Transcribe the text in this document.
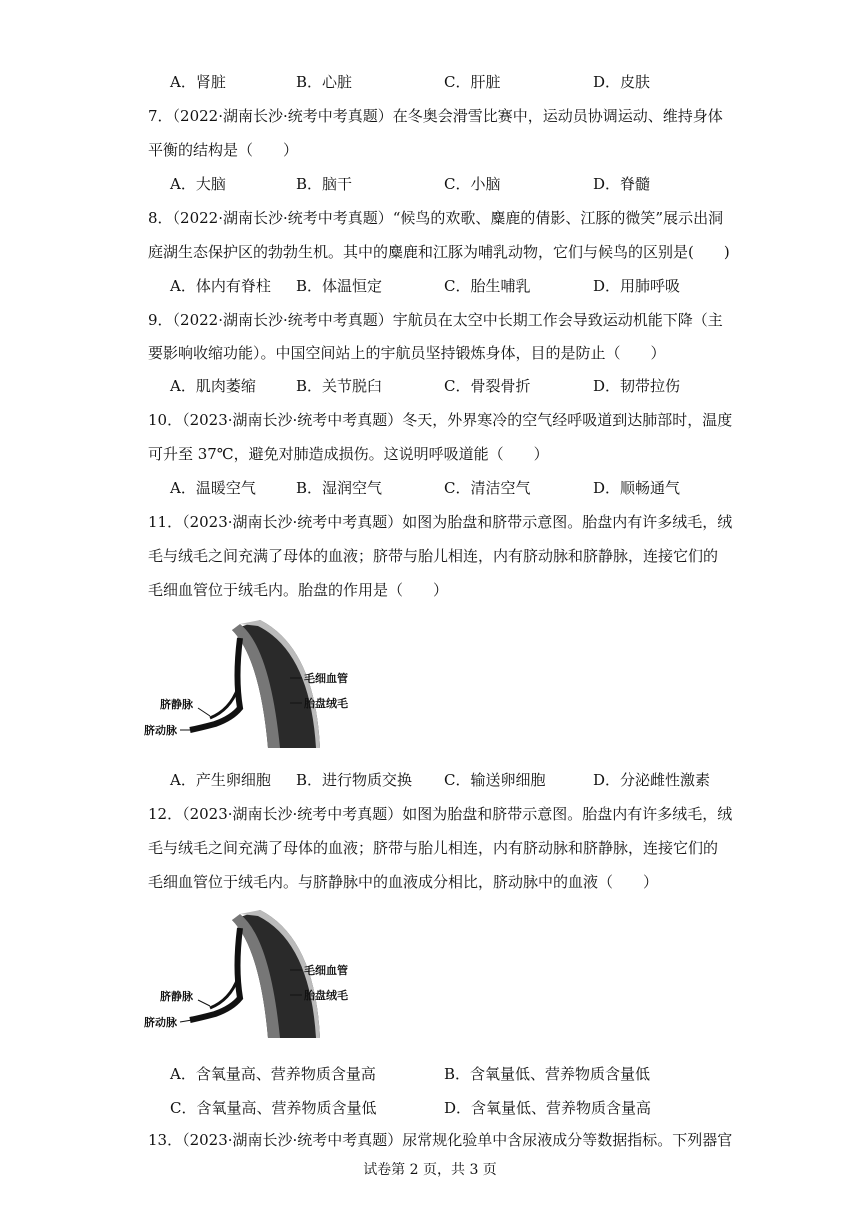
A．肾脏	B．心脏	C．肝脏	D．皮肤
7．（2022·湖南长沙·统考中考真题）在冬奥会滑雪比赛中，运动员协调运动、维持身体
平衡的结构是（　　）
A．大脑	B．脑干	C．小脑	D．脊髓
8．（2022·湖南长沙·统考中考真题）“候鸟的欢歌、麋鹿的倩影、江豚的微笑”展示出洞
庭湖生态保护区的勃勃生机。其中的麋鹿和江豚为哺乳动物，它们与候鸟的区别是(　　)
A．体内有脊柱 B．体温恒定	C．胎生哺乳	D．用肺呼吸
9．（2022·湖南长沙·统考中考真题）宇航员在太空中长期工作会导致运动机能下降（主
要影响收缩功能）。中国空间站上的宇航员坚持锻炼身体，目的是防止（　　）
A．肌肉萎缩	B．关节脱臼	C．骨裂骨折	D．韧带拉伤
10．（2023·湖南长沙·统考中考真题）冬天，外界寒冷的空气经呼吸道到达肺部时，温度
可升至 37℃，避免对肺造成损伤。这说明呼吸道能（　　）
A．温暖空气	B．湿润空气	C．清洁空气	D．顺畅通气
11．（2023·湖南长沙·统考中考真题）如图为胎盘和脐带示意图。胎盘内有许多绒毛，绒
毛与绒毛之间充满了母体的血液；脐带与胎儿相连，内有脐动脉和脐静脉，连接它们的
毛细血管位于绒毛内。胎盘的作用是（　　）
毛细血管
胎盘绒毛
脐静脉
脐动脉
A．产生卵细胞 B．进行物质交换 C．输送卵细胞	D．分泌雌性激素
12．（2023·湖南长沙·统考中考真题）如图为胎盘和脐带示意图。胎盘内有许多绒毛，绒
毛与绒毛之间充满了母体的血液；脐带与胎儿相连，内有脐动脉和脐静脉，连接它们的
毛细血管位于绒毛内。与脐静脉中的血液成分相比，脐动脉中的血液（　　）
毛细血管
胎盘绒毛
脐静脉
脐动脉
A．含氧量高、营养物质含量高	B．含氧量低、营养物质含量低
C．含氧量高、营养物质含量低	D．含氧量低、营养物质含量高
13．（2023·湖南长沙·统考中考真题）尿常规化验单中含尿液成分等数据指标。下列器官
试卷第 2 页，共 3 页
